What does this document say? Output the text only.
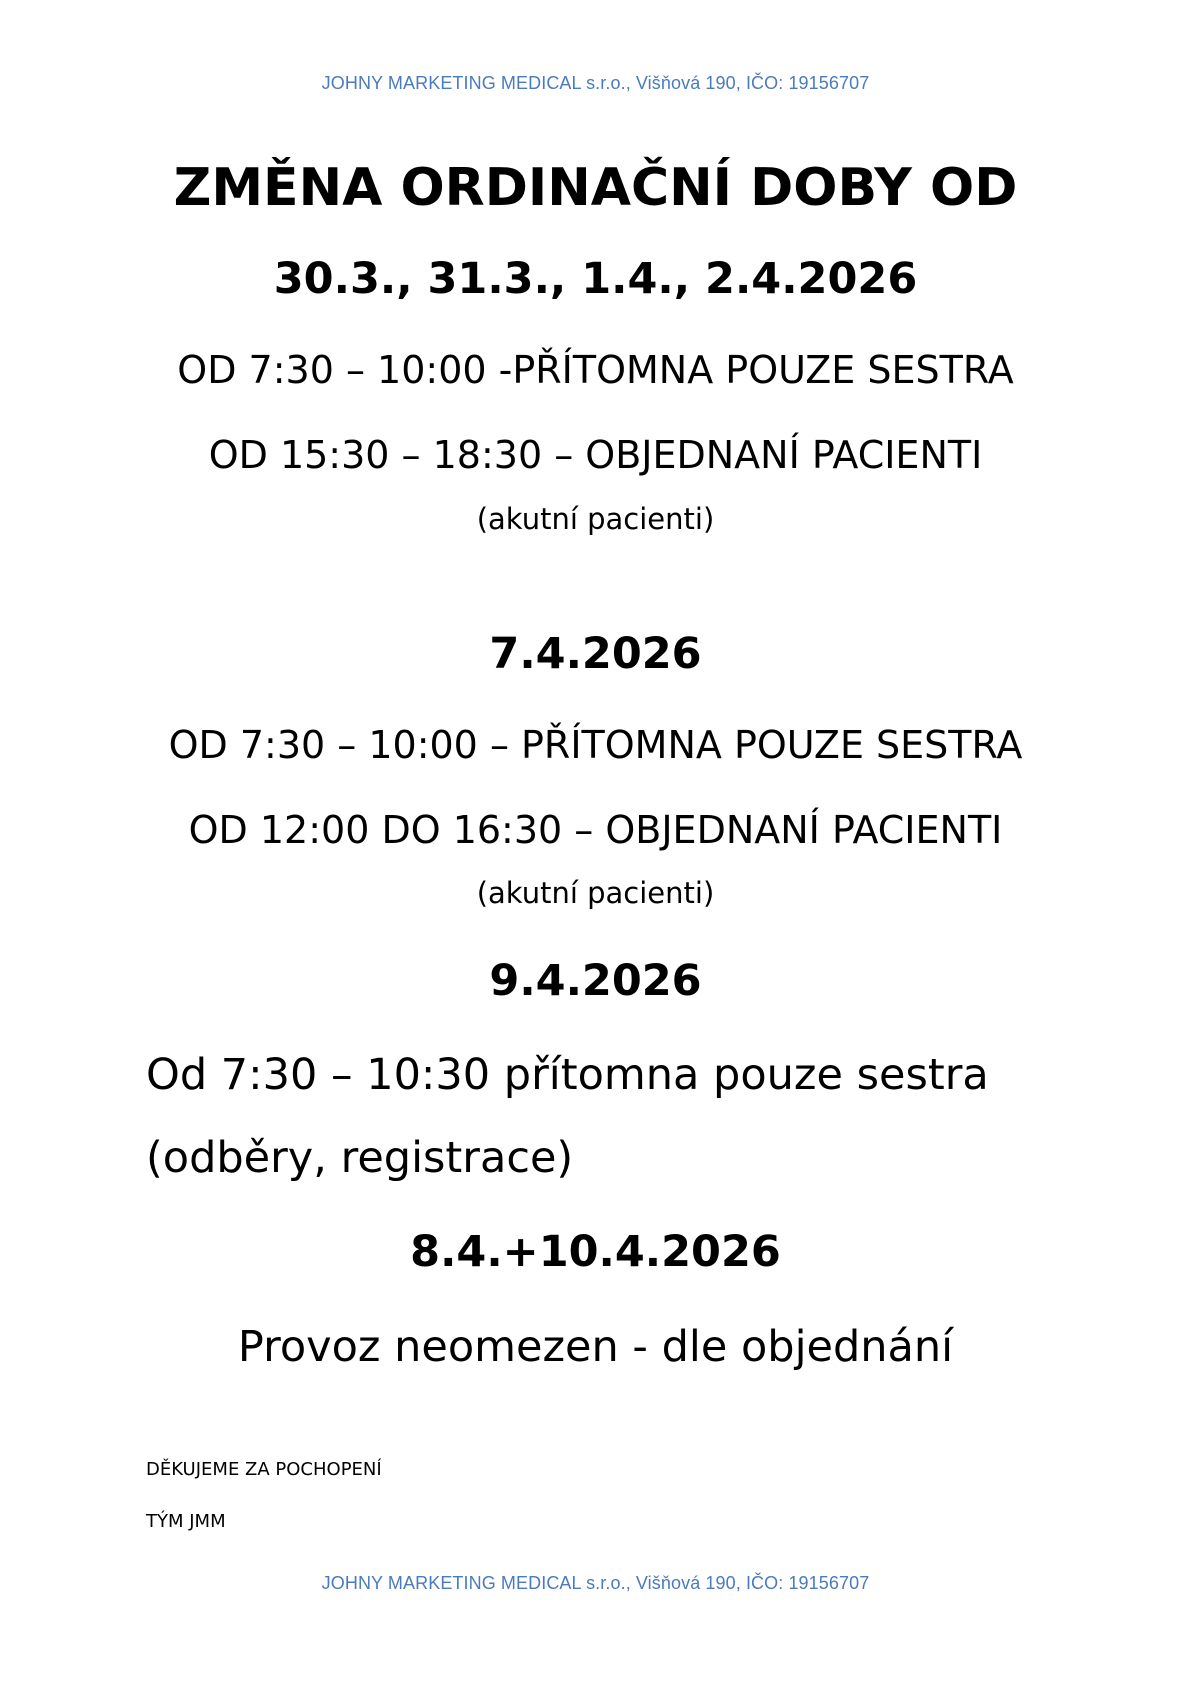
JOHNY MARKETING MEDICAL s.r.o., Višňová 190, IČO: 19156707

ZMĚNA ORDINAČNÍ DOBY OD

30.3., 31.3., 1.4., 2.4.2026

OD 7:30 – 10:00 -PŘÍTOMNA POUZE SESTRA

OD 15:30 – 18:30 – OBJEDNANÍ PACIENTI

(akutní pacienti)

7.4.2026

OD 7:30 – 10:00 – PŘÍTOMNA POUZE SESTRA

OD 12:00 DO 16:30 – OBJEDNANÍ PACIENTI

(akutní pacienti)

9.4.2026

Od 7:30 – 10:30 přítomna pouze sestra

(odběry, registrace)

8.4.+10.4.2026

Provoz neomezen - dle objednání

DĚKUJEME ZA POCHOPENÍ

TÝM JMM

JOHNY MARKETING MEDICAL s.r.o., Višňová 190, IČO: 19156707
